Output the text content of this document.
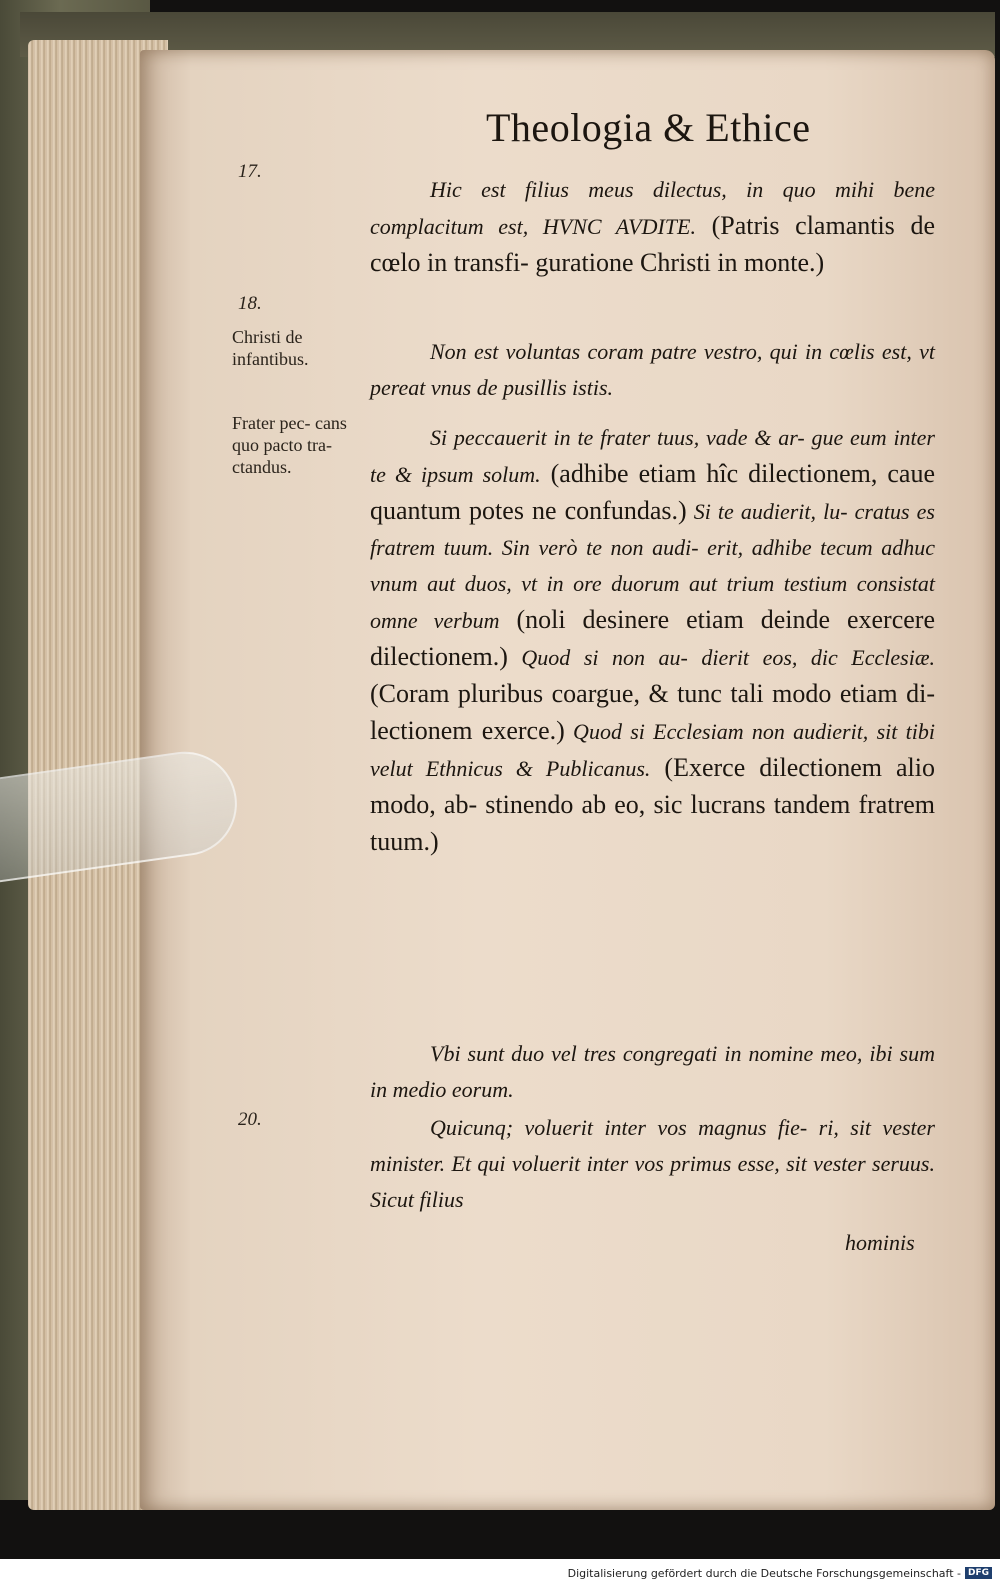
Theologia & Ethice
17.
18.
20.
Christi de infantibus.
Frater pec- cans quo pacto tra- ctandus.

Hic est filius meus dilectus, in quo mihi bene complacitum est, HVNC AVDITE. (Patris clamantis de cœlo in transfi- guratione Christi in monte.)

Non est voluntas coram patre vestro, qui in cœlis est, vt pereat vnus de pusillis istis.

Si peccauerit in te frater tuus, vade & ar- gue eum inter te & ipsum solum. (adhibe etiam hîc dilectionem, caue quantum potes ne confundas.) Si te audierit, lu- cratus es fratrem tuum. Sin verò te non audi- erit, adhibe tecum adhuc vnum aut duos, vt in ore duorum aut trium testium consistat omne verbum (noli desinere etiam deinde exercere dilectionem.) Quod si non au- dierit eos, dic Ecclesiæ. (Coram pluribus coargue, & tunc tali modo etiam di- lectionem exerce.) Quod si Ecclesiam non audierit, sit tibi velut Ethnicus & Publicanus. (Exerce dilectionem alio modo, ab- stinendo ab eo, sic lucrans tandem fratrem tuum.)

Vbi sunt duo vel tres congregati in nomine meo, ibi sum in medio eorum.

Quicunq; voluerit inter vos magnus fie- ri, sit vester minister. Et qui voluerit inter vos primus esse, sit vester seruus. Sicut filius

hominis
Digitalisierung gefördert durch die Deutsche Forschungsgemeinschaft - DFG
